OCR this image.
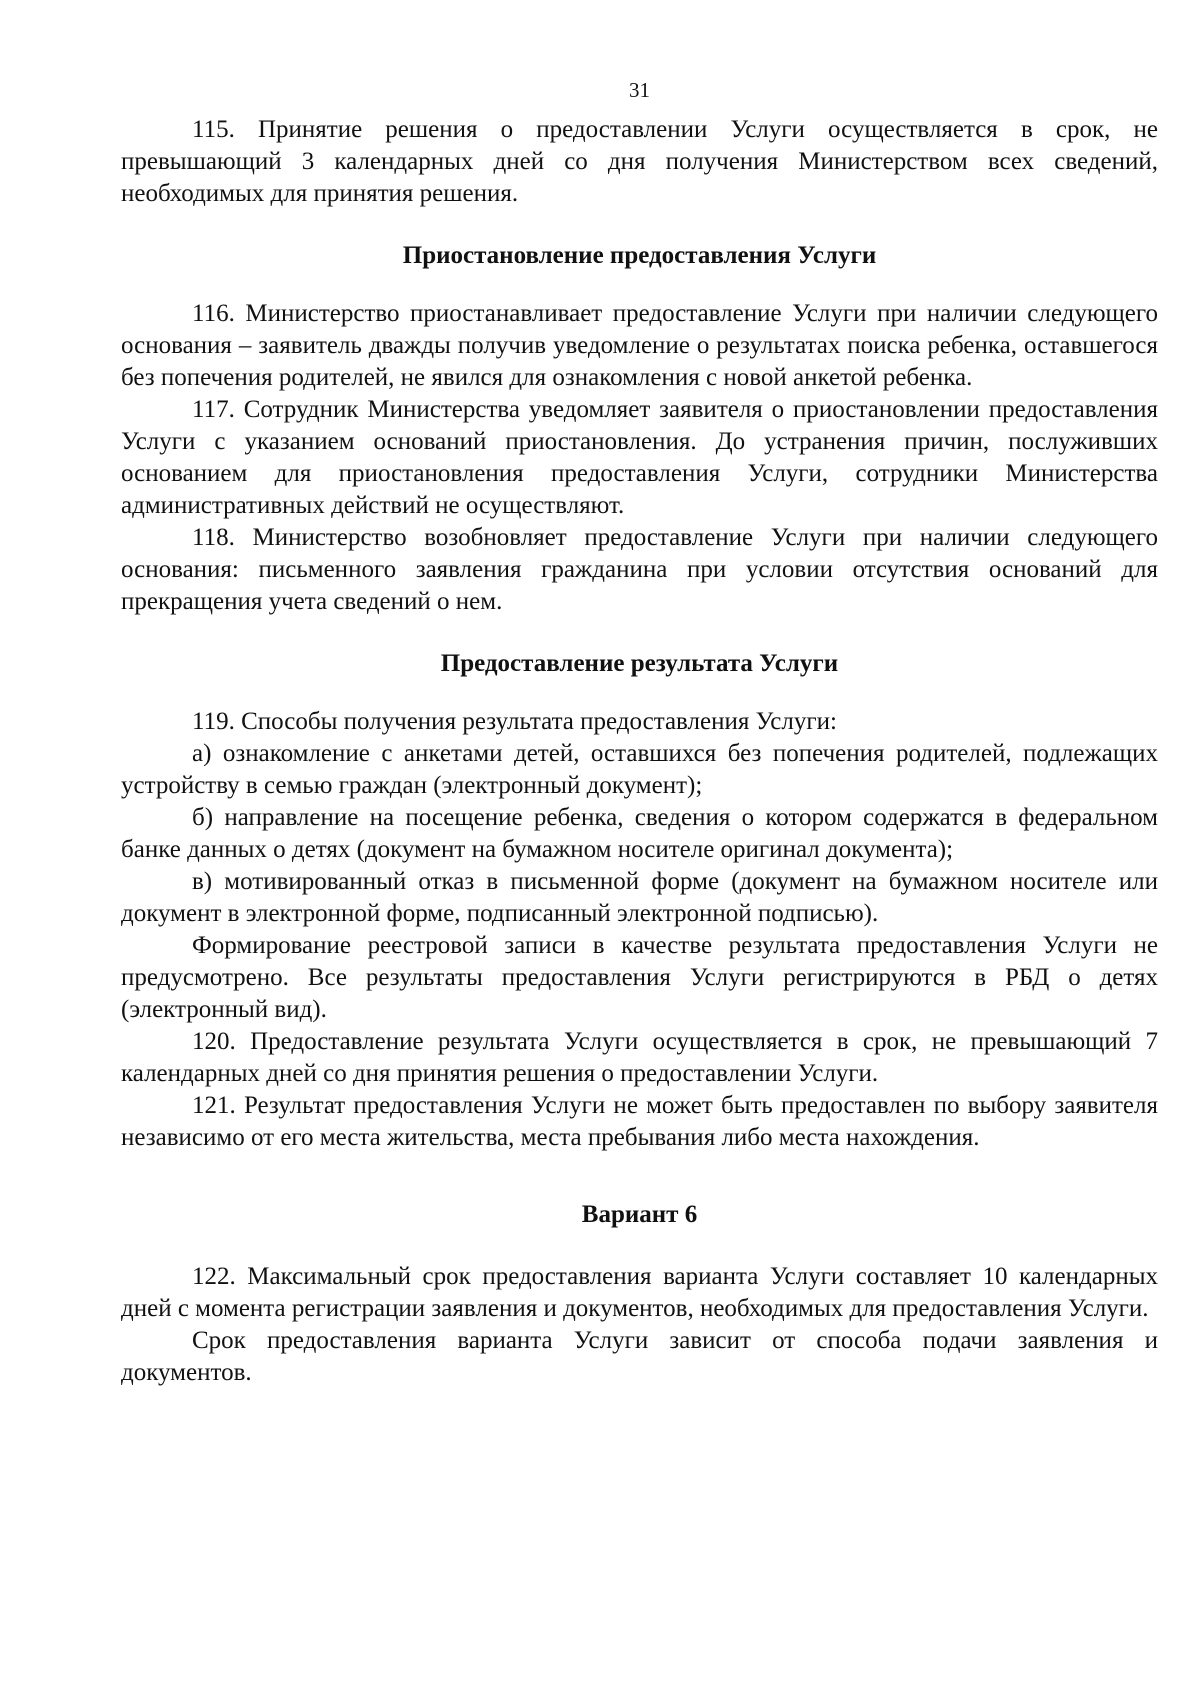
31

115. Принятие решения о предоставлении Услуги осуществляется в срок, не превышающий 3 календарных дней со дня получения Министерством всех сведений, необходимых для принятия решения.

Приостановление предоставления Услуги

116. Министерство приостанавливает предоставление Услуги при наличии следующего основания – заявитель дважды получив уведомление о результатах поиска ребенка, оставшегося без попечения родителей, не явился для ознакомления с новой анкетой ребенка.

117. Сотрудник Министерства уведомляет заявителя о приостановлении предоставления Услуги с указанием оснований приостановления. До устранения причин, послуживших основанием для приостановления предоставления Услуги, сотрудники Министерства административных действий не осуществляют.

118. Министерство возобновляет предоставление Услуги при наличии следующего основания: письменного заявления гражданина при условии отсутствия оснований для прекращения учета сведений о нем.

Предоставление результата Услуги

119. Способы получения результата предоставления Услуги:

а) ознакомление с анкетами детей, оставшихся без попечения родителей, подлежащих устройству в семью граждан (электронный документ);

б) направление на посещение ребенка, сведения о котором содержатся в федеральном банке данных о детях (документ на бумажном носителе оригинал документа);

в) мотивированный отказ в письменной форме (документ на бумажном носителе или документ в электронной форме, подписанный электронной подписью).

Формирование реестровой записи в качестве результата предоставления Услуги не предусмотрено. Все результаты предоставления Услуги регистрируются в РБД о детях (электронный вид).

120. Предоставление результата Услуги осуществляется в срок, не превышающий 7 календарных дней со дня принятия решения о предоставлении Услуги.

121. Результат предоставления Услуги не может быть предоставлен по выбору заявителя независимо от его места жительства, места пребывания либо места нахождения.

Вариант 6

122. Максимальный срок предоставления варианта Услуги составляет 10 календарных дней с момента регистрации заявления и документов, необходимых для предоставления Услуги.

Срок предоставления варианта Услуги зависит от способа подачи заявления и документов.
